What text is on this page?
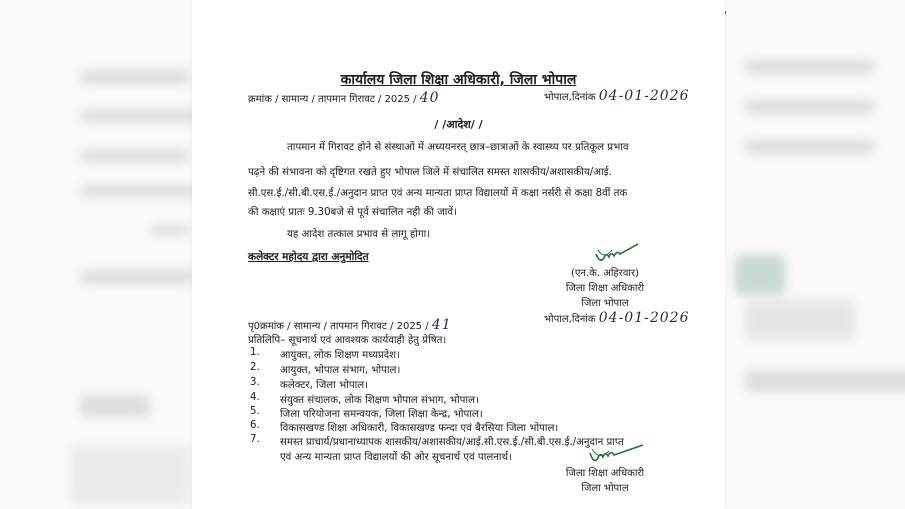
कार्यालय जिला शिक्षा अधिकारी, जिला भोपाल
क्रमांक / सामान्य / तापमान गिरावट / 2025 / 40	भोपाल,दिनांक 04-01-2026
/ /आदेश/ /
तापमान में गिरावट होने से संस्थाओं में अध्ययनरत् छात्र–छात्राओं के स्वास्थ्य पर प्रतिकूल प्रभाव
पढ़ने की संभावना को दृष्टिगत रखते हुए भोपाल जिले में संचालित समस्त शासकीय/अशासकीय/आई.
सी.एस.ई./सी.बी.एस.ई./अनुदान प्राप्त एवं अन्य मान्यता प्राप्त विद्यालयों में कक्षा नर्सरी से कक्षा 8वीं तक
की कक्षाएं प्रातः 9.30बजे से पूर्व संचालित नही की जावें।
यह आदेश तत्काल प्रभाव से लागू होगा।
कलेक्टर महोदय द्वारा अनुमोदित
(एन.के. अहिरवार)
जिला शिक्षा अधिकारी
जिला भोपाल
भोपाल,दिनांक 04-01-2026
पृ0क्रमांक / सामान्य / तापमान गिरावट / 2025 / 41
प्रतिलिपि– सूचनार्थ एवं आवश्यक कार्यवाही हेतु प्रेषित।
1. आयुक्त, लोक शिक्षण मध्यप्रदेश।
2. आयुक्त, भोपाल संभाग, भोपाल।
3. कलेक्टर, जिला भोपाल।
4. संयुक्त संचालक, लोक शिक्षण भोपाल संभाग, भोपाल।
5. जिला परियोजना समन्वयक, जिला शिक्षा केन्द्र, भोपाल।
6. विकासखण्ड शिक्षा अधिकारी, विकासखण्ड फन्दा एवं बैरसिया जिला भोपाल।
7. समस्त प्राचार्य/प्रधानाध्यापक शासकीय/अशासकीय/आई.सी.एस.ई./सी.बी.एस.ई./अनुदान प्राप्त
एवं अन्य मान्यता प्राप्त विद्यालयों की ओर सूचनार्थ एवं पालनार्थ।
जिला शिक्षा अधिकारी
जिला भोपाल
